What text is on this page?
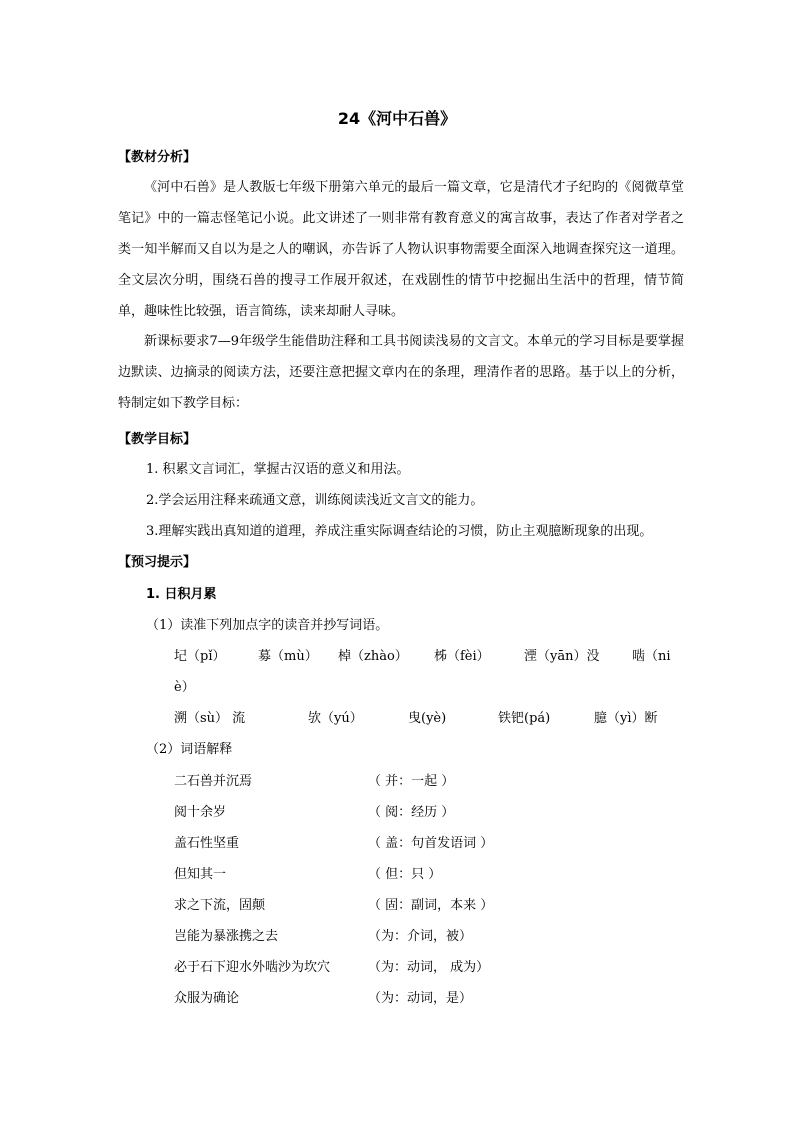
24《河中石兽》
【教材分析】

《河中石兽》是人教版七年级下册第六单元的最后一篇文章，它是清代才子纪昀的《阅微草堂笔记》中的一篇志怪笔记小说。此文讲述了一则非常有教育意义的寓言故事，表达了作者对学者之类一知半解而又自以为是之人的嘲讽，亦告诉了人物认识事物需要全面深入地调查探究这一道理。全文层次分明，围绕石兽的搜寻工作展开叙述，在戏剧性的情节中挖掘出生活中的哲理，情节简单，趣味性比较强，语言简练，读来却耐人寻味。

新课标要求7—9年级学生能借助注释和工具书阅读浅易的文言文。本单元的学习目标是要掌握边默读、边摘录的阅读方法，还要注意把握文章内在的条理，理清作者的思路。基于以上的分析，特制定如下教学目标：

【教学目标】
1. 积累文言词汇，掌握古汉语的意义和用法。
2.学会运用注释来疏通文意，训练阅读浅近文言文的能力。
3.理解实践出真知道的道理，养成注重实际调查结论的习惯，防止主观臆断现象的出现。
【预习提示】
1. 日积月累
（1）读准下列加点字的读音并抄写词语。
圮（pǐ）	募（mù） 棹（zhào） 柹（fèi）	湮（yān）没	啮（ni
è）
溯（sù） 流	欤（yú）	曳(yè)	铁钯(pá)	臆（yì）断
（2）词语解释
二石兽并沉焉	（ 并：一起 ）
阅十余岁	（ 阅：经历 ）
盖石性坚重	（ 盖：句首发语词 ）
但知其一	（ 但：只 ）
求之下流，固颠	（ 固：副词，本来 ）
岂能为暴涨携之去	（为：介词，被）
必于石下迎水外啮沙为坎穴	（为：动词， 成为）
众服为确论	（为：动词，是）
